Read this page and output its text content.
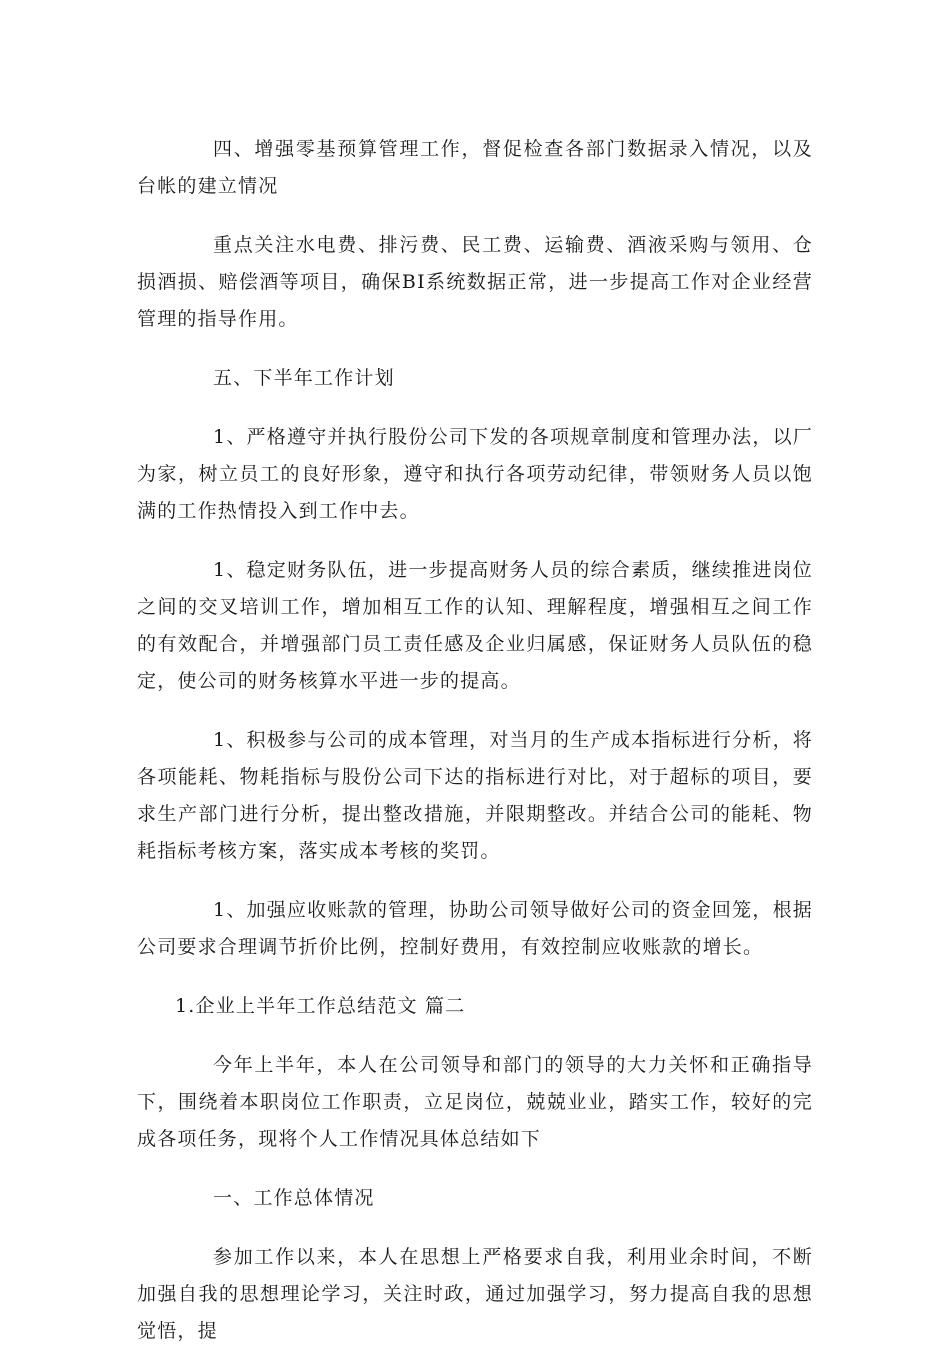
四、增强零基预算管理工作，督促检查各部门数据录入情况，以及台帐的建立情况

重点关注水电费、排污费、民工费、运输费、酒液采购与领用、仓损酒损、赔偿酒等项目，确保BI系统数据正常，进一步提高工作对企业经营管理的指导作用。

五、下半年工作计划

1、严格遵守并执行股份公司下发的各项规章制度和管理办法，以厂为家，树立员工的良好形象，遵守和执行各项劳动纪律，带领财务人员以饱满的工作热情投入到工作中去。

1、稳定财务队伍，进一步提高财务人员的综合素质，继续推进岗位之间的交叉培训工作，增加相互工作的认知、理解程度，增强相互之间工作的有效配合，并增强部门员工责任感及企业归属感，保证财务人员队伍的稳定，使公司的财务核算水平进一步的提高。

1、积极参与公司的成本管理，对当月的生产成本指标进行分析，将各项能耗、物耗指标与股份公司下达的指标进行对比，对于超标的项目，要求生产部门进行分析，提出整改措施，并限期整改。并结合公司的能耗、物耗指标考核方案，落实成本考核的奖罚。

1、加强应收账款的管理，协助公司领导做好公司的资金回笼，根据公司要求合理调节折价比例，控制好费用，有效控制应收账款的增长。

1.企业上半年工作总结范文 篇二

今年上半年，本人在公司领导和部门的领导的大力关怀和正确指导下，围绕着本职岗位工作职责，立足岗位，兢兢业业，踏实工作，较好的完成各项任务，现将个人工作情况具体总结如下

一、工作总体情况

参加工作以来，本人在思想上严格要求自我，利用业余时间，不断加强自我的思想理论学习，关注时政，通过加强学习，努力提高自我的思想觉悟，提
